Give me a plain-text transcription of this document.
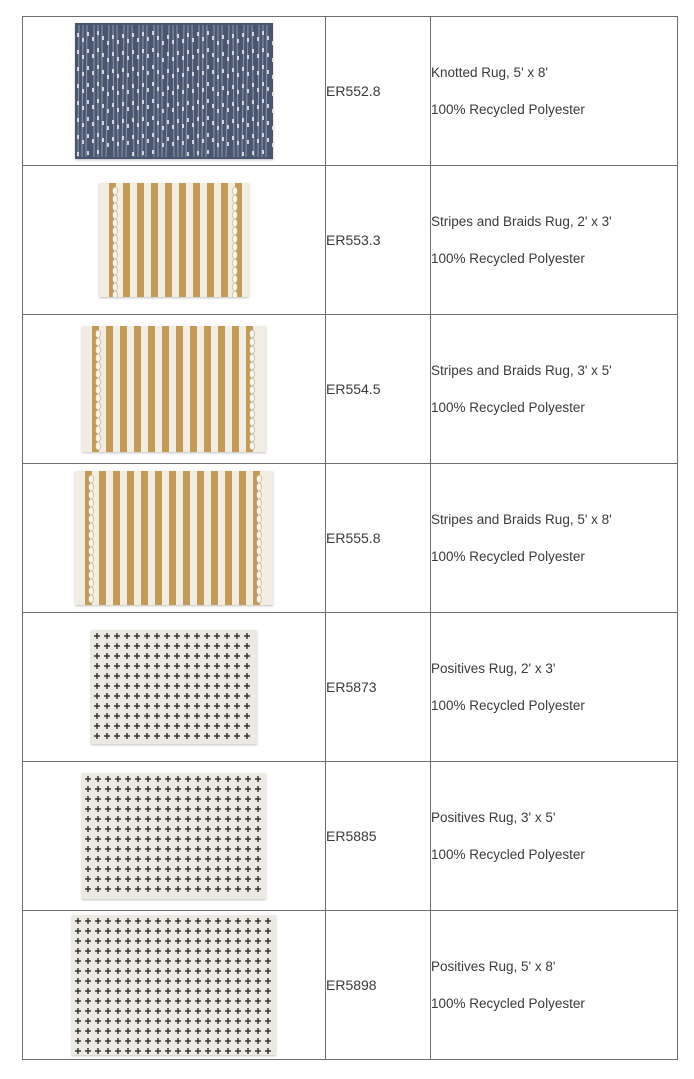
	ER552.8	Knotted Rug, 5' x 8'
100% Recycled Polyester

	ER553.3	Stripes and Braids Rug, 2' x 3'
100% Recycled Polyester

	ER554.5	Stripes and Braids Rug, 3' x 5'
100% Recycled Polyester

	ER555.8	Stripes and Braids Rug, 5' x 8'
100% Recycled Polyester

	ER5873	Positives Rug, 2' x 3'
100% Recycled Polyester

	ER5885	Positives Rug, 3' x 5'
100% Recycled Polyester

	ER5898	Positives Rug, 5' x 8'
100% Recycled Polyester
